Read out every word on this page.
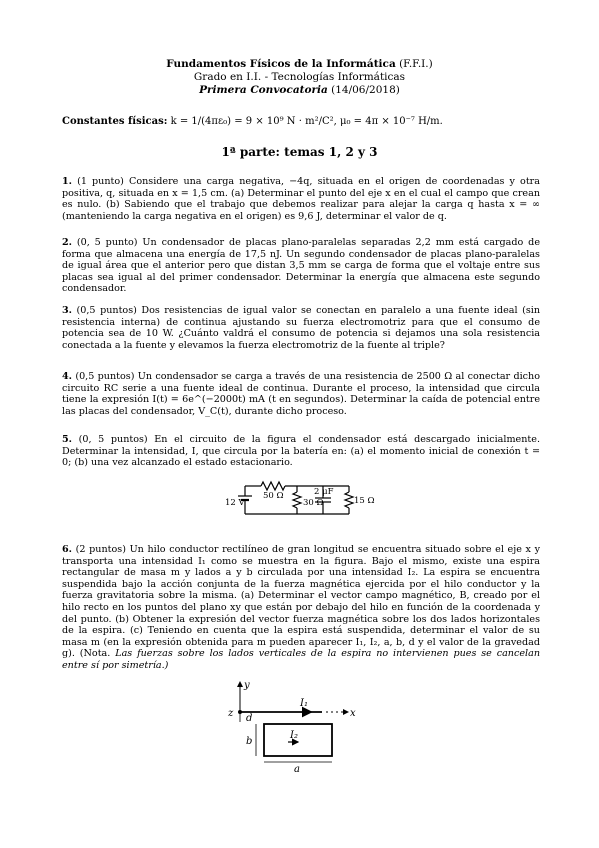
Fundamentos Físicos de la Informática (F.F.I.)
Grado en I.I. - Tecnologías Informáticas
Primera Convocatoria (14/06/2018)
Constantes físicas: k = 1/(4πε₀) = 9 × 10⁹ N · m²/C², μ₀ = 4π × 10⁻⁷ H/m.
1ª parte: temas 1, 2 y 3
1. (1 punto) Considere una carga negativa, −4q, situada en el origen de coordenadas y otra positiva, q, situada en x = 1,5 cm. (a) Determinar el punto del eje x en el cual el campo que crean es nulo. (b) Sabiendo que el trabajo que debemos realizar para alejar la carga q hasta x = ∞ (manteniendo la carga negativa en el origen) es 9,6 J, determinar el valor de q.
2. (0, 5 punto) Un condensador de placas plano-paralelas separadas 2,2 mm está cargado de forma que almacena una energía de 17,5 nJ. Un segundo condensador de placas plano-paralelas de igual área que el anterior pero que distan 3,5 mm se carga de forma que el voltaje entre sus placas sea igual al del primer condensador. Determinar la energía que almacena este segundo condensador.
3. (0,5 puntos) Dos resistencias de igual valor se conectan en paralelo a una fuente ideal (sin resistencia interna) de continua ajustando su fuerza electromotriz para que el consumo de potencia sea de 10 W. ¿Cuánto valdrá el consumo de potencia si dejamos una sola resistencia conectada a la fuente y elevamos la fuerza electromotriz de la fuente al triple?
4. (0,5 puntos) Un condensador se carga a través de una resistencia de 2500 Ω al conectar dicho circuito RC serie a una fuente ideal de continua. Durante el proceso, la intensidad que circula tiene la expresión I(t) = 6e^(−2000t) mA (t en segundos). Determinar la caída de potencial entre las placas del condensador, V_C(t), durante dicho proceso.
5. (0, 5 puntos) En el circuito de la figura el condensador está descargado inicialmente. Determinar la intensidad, I, que circula por la batería en: (a) el momento inicial de conexión t = 0; (b) una vez alcanzado el estado estacionario.
12 V
50 Ω
30 Ω
2 μF
15 Ω
6. (2 puntos) Un hilo conductor rectilíneo de gran longitud se encuentra situado sobre el eje x y transporta una intensidad I₁ como se muestra en la figura. Bajo el mismo, existe una espira rectangular de masa m y lados a y b circulada por una intensidad I₂. La espira se encuentra suspendida bajo la acción conjunta de la fuerza magnética ejercida por el hilo conductor y la fuerza gravitatoria sobre la misma. (a) Determinar el vector campo magnético, B, creado por el hilo recto en los puntos del plano xy que están por debajo del hilo en función de la coordenada y del punto. (b) Obtener la expresión del vector fuerza magnética sobre los dos lados horizontales de la espira. (c) Teniendo en cuenta que la espira está suspendida, determinar el valor de su masa m (en la expresión obtenida para m pueden aparecer I₁, I₂, a, b, d y el valor de la gravedad g). (Nota. Las fuerzas sobre los lados verticales de la espira no intervienen pues se cancelan entre sí por simetría.)
y
z	x
d
b
a
I₁
I₂
